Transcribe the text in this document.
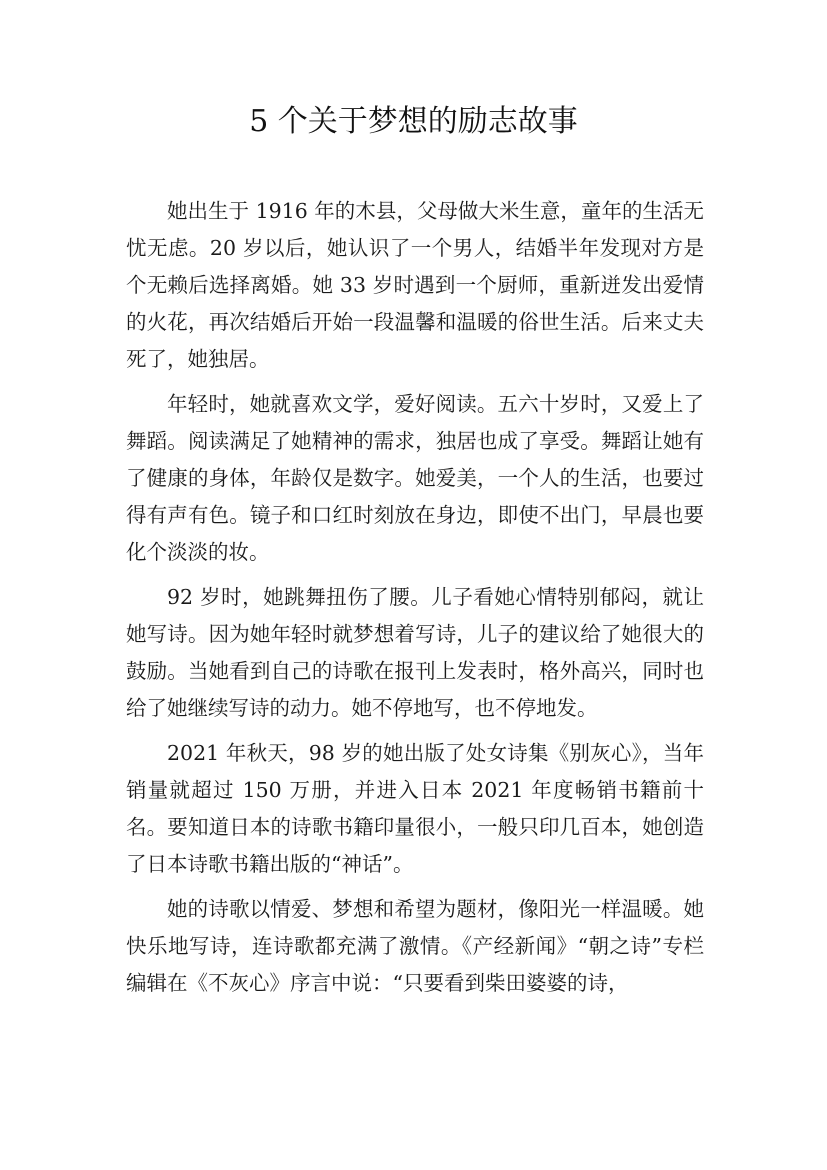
5 个关于梦想的励志故事

她出生于 1916 年的木县，父母做大米生意，童年的生活无忧无虑。20 岁以后，她认识了一个男人，结婚半年发现对方是个无赖后选择离婚。她 33 岁时遇到一个厨师，重新迸发出爱情的火花，再次结婚后开始一段温馨和温暖的俗世生活。后来丈夫死了，她独居。

年轻时，她就喜欢文学，爱好阅读。五六十岁时，又爱上了舞蹈。阅读满足了她精神的需求，独居也成了享受。舞蹈让她有了健康的身体，年龄仅是数字。她爱美，一个人的生活，也要过得有声有色。镜子和口红时刻放在身边，即使不出门，早晨也要化个淡淡的妆。

92 岁时，她跳舞扭伤了腰。儿子看她心情特别郁闷，就让她写诗。因为她年轻时就梦想着写诗，儿子的建议给了她很大的鼓励。当她看到自己的诗歌在报刊上发表时，格外高兴，同时也给了她继续写诗的动力。她不停地写，也不停地发。

2021 年秋天，98 岁的她出版了处女诗集《别灰心》，当年销量就超过 150 万册，并进入日本 2021 年度畅销书籍前十名。要知道日本的诗歌书籍印量很小，一般只印几百本，她创造了日本诗歌书籍出版的“神话”。

她的诗歌以情爱、梦想和希望为题材，像阳光一样温暖。她快乐地写诗，连诗歌都充满了激情。《产经新闻》“朝之诗”专栏编辑在《不灰心》序言中说：“只要看到柴田婆婆的诗，
